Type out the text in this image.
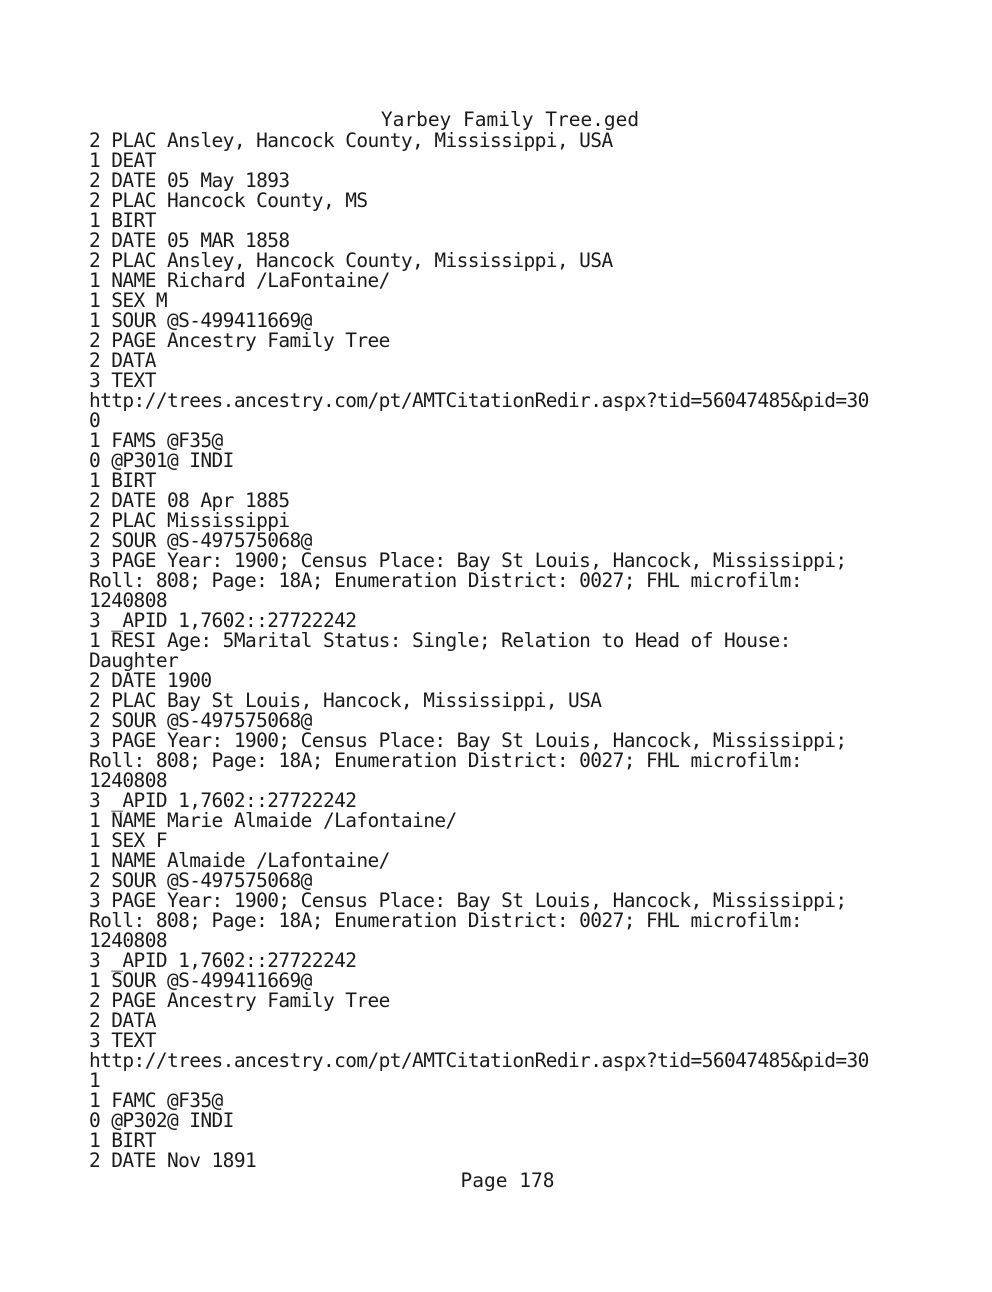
Yarbey Family Tree.ged
2 PLAC Ansley, Hancock County, Mississippi, USA
1 DEAT
2 DATE 05 May 1893
2 PLAC Hancock County, MS
1 BIRT
2 DATE 05 MAR 1858
2 PLAC Ansley, Hancock County, Mississippi, USA
1 NAME Richard /LaFontaine/
1 SEX M
1 SOUR @S-499411669@
2 PAGE Ancestry Family Tree
2 DATA
3 TEXT
http://trees.ancestry.com/pt/AMTCitationRedir.aspx?tid=56047485&pid=30
0
1 FAMS @F35@
0 @P301@ INDI
1 BIRT
2 DATE 08 Apr 1885
2 PLAC Mississippi
2 SOUR @S-497575068@
3 PAGE Year: 1900; Census Place: Bay St Louis, Hancock, Mississippi;
Roll: 808; Page: 18A; Enumeration District: 0027; FHL microfilm:
1240808
3 _APID 1,7602::27722242
1 RESI Age: 5Marital Status: Single; Relation to Head of House:
Daughter
2 DATE 1900
2 PLAC Bay St Louis, Hancock, Mississippi, USA
2 SOUR @S-497575068@
3 PAGE Year: 1900; Census Place: Bay St Louis, Hancock, Mississippi;
Roll: 808; Page: 18A; Enumeration District: 0027; FHL microfilm:
1240808
3 _APID 1,7602::27722242
1 NAME Marie Almaide /Lafontaine/
1 SEX F
1 NAME Almaide /Lafontaine/
2 SOUR @S-497575068@
3 PAGE Year: 1900; Census Place: Bay St Louis, Hancock, Mississippi;
Roll: 808; Page: 18A; Enumeration District: 0027; FHL microfilm:
1240808
3 _APID 1,7602::27722242
1 SOUR @S-499411669@
2 PAGE Ancestry Family Tree
2 DATA
3 TEXT
http://trees.ancestry.com/pt/AMTCitationRedir.aspx?tid=56047485&pid=30
1
1 FAMC @F35@
0 @P302@ INDI
1 BIRT
2 DATE Nov 1891
Page 178
